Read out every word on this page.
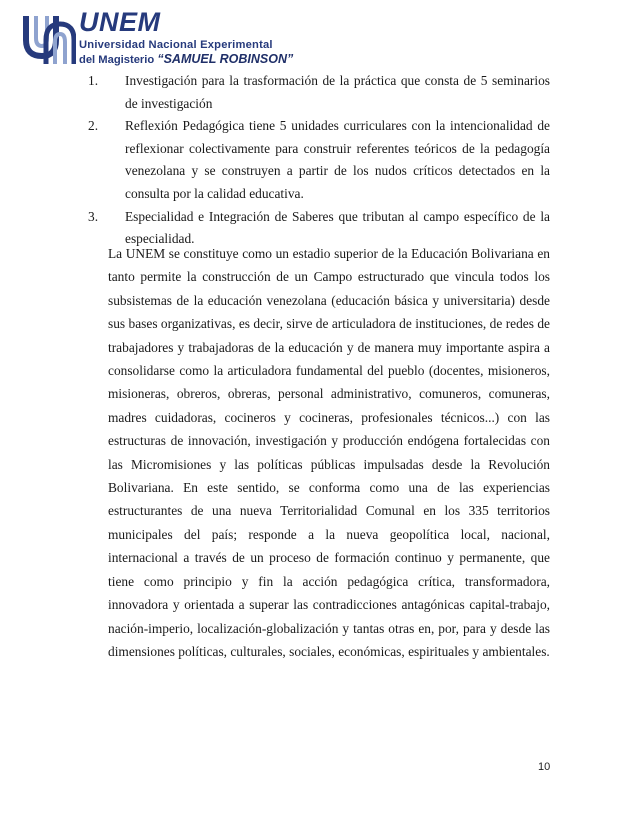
UNEM
Universidad Nacional Experimental
del Magisterio “SAMUEL ROBINSON”
1. Investigación para la trasformación de la práctica que consta de 5 seminarios de investigación
2. Reflexión Pedagógica tiene 5 unidades curriculares con la intencionalidad de reflexionar colectivamente para construir referentes teóricos de la pedagogía venezolana y se construyen a partir de los nudos críticos detectados en la consulta por la calidad educativa.
3. Especialidad e Integración de Saberes que tributan al campo específico de la especialidad.

La UNEM se constituye como un estadio superior de la Educación Bolivariana en tanto permite la construcción de un Campo estructurado que vincula todos los subsistemas de la educación venezolana (educación básica y universitaria) desde sus bases organizativas, es decir, sirve de articuladora de instituciones, de redes de trabajadores y trabajadoras de la educación y de manera muy importante aspira a consolidarse como la articuladora fundamental del pueblo (docentes, misioneros, misioneras, obreros, obreras, personal administrativo, comuneros, comuneras, madres cuidadoras, cocineros y cocineras, profesionales técnicos...) con las estructuras de innovación, investigación y producción endógena fortalecidas con las Micromisiones y las políticas públicas impulsadas desde la Revolución Bolivariana. En este sentido, se conforma como una de las experiencias estructurantes de una nueva Territorialidad Comunal en los 335 territorios municipales del país; responde a la nueva geopolítica local, nacional, internacional a través de un proceso de formación continuo y permanente, que tiene como principio y fin la acción pedagógica crítica, transformadora, innovadora y orientada a superar las contradicciones antagónicas capital-trabajo, nación-imperio, localización-globalización y tantas otras en, por, para y desde las dimensiones políticas, culturales, sociales, económicas, espirituales y ambientales.

10
